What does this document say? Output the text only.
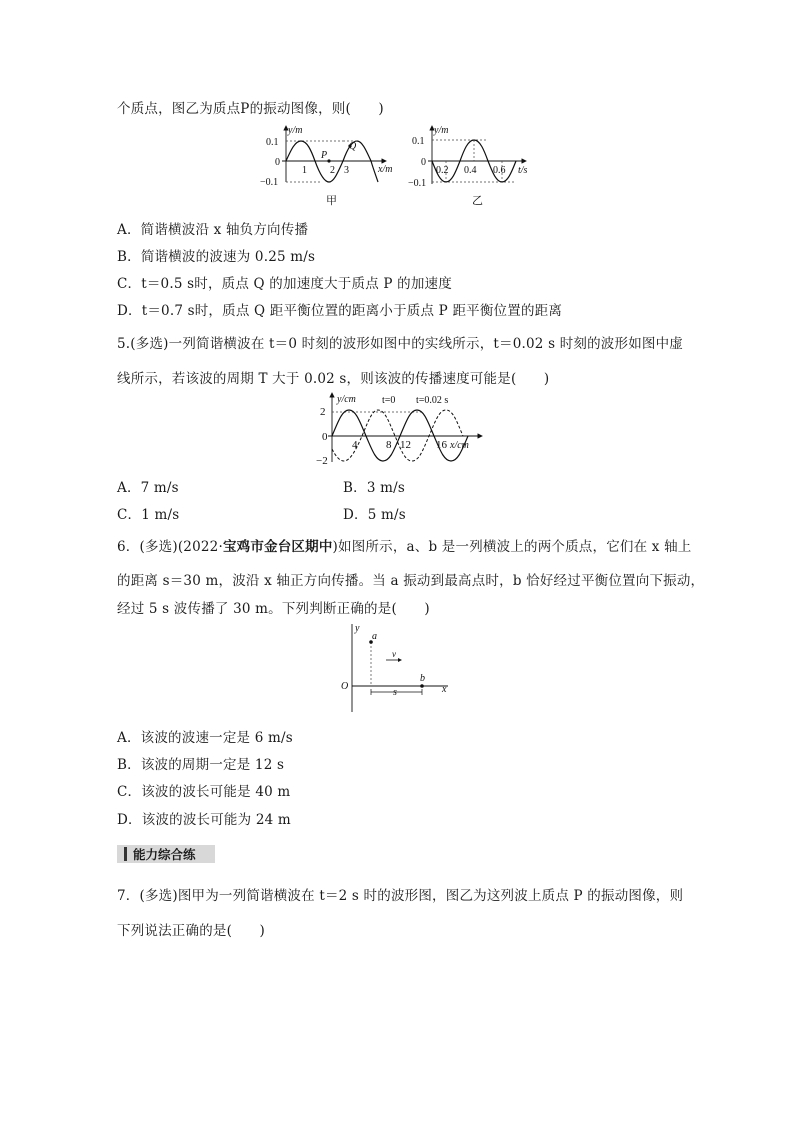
个质点，图乙为质点P的振动图像，则(　　)
y/m
0.1
0
−0.1
1 2 3
P
Q
x/m
甲
y/m
0.1
0
−0.1
0.2 0.4 0.6 t/s
乙
A．简谐横波沿 x 轴负方向传播
B．简谐横波的波速为 0.25 m/s
C．t＝0.5 s时，质点 Q 的加速度大于质点 P 的加速度
D．t＝0.7 s时，质点 Q 距平衡位置的距离小于质点 P 距平衡位置的距离
5.(多选)一列简谐横波在 t＝0 时刻的波形如图中的实线所示，t＝0.02 s 时刻的波形如图中虚
线所示，若该波的周期 T 大于 0.02 s，则该波的传播速度可能是(　　)
y/cm
2
0
−2
4	8 12 16 x/cm
t=0 t=0.02 s
A．7 m/s	B．3 m/s
C．1 m/s	D．5 m/s
6．(多选)(2022·宝鸡市金台区期中)如图所示，a、b 是一列横波上的两个质点，它们在 x 轴上
的距离 s＝30 m，波沿 x 轴正方向传播。当 a 振动到最高点时，b 恰好经过平衡位置向下振动，
经过 5 s 波传播了 30 m。下列判断正确的是(　　)
y
x
O
a
b
v
s
A．该波的波速一定是 6 m/s
B．该波的周期一定是 12 s
C．该波的波长可能是 40 m
D．该波的波长可能为 24 m
能力综合练
7．(多选)图甲为一列简谐横波在 t＝2 s 时的波形图，图乙为这列波上质点 P 的振动图像，则
下列说法正确的是(　　)
